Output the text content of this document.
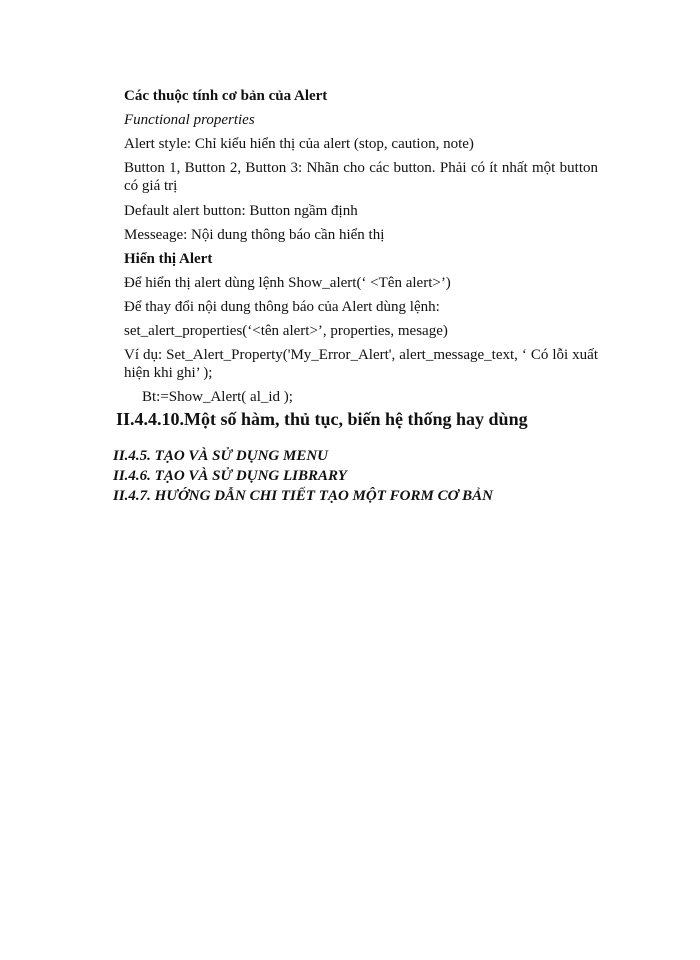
Các thuộc tính cơ bản của Alert
Functional properties
Alert style: Chỉ kiểu hiển thị của alert (stop, caution, note)
Button 1, Button 2, Button 3: Nhãn cho các button. Phải có ít nhất một button có giá trị
Default alert button: Button ngầm định
Messeage: Nội dung thông báo cần hiển thị
Hiển thị Alert
Để hiển thị alert dùng lệnh Show_alert(‘ <Tên alert>’)
Để thay đổi nội dung thông báo của Alert dùng lệnh:
set_alert_properties(‘<tên alert>’, properties, mesage)
Ví dụ: Set_Alert_Property('My_Error_Alert', alert_message_text, ‘ Có lỗi xuất hiện khi ghi’ );
Bt:=Show_Alert( al_id );
II.4.4.10.Một số hàm, thủ tục, biến hệ thống hay dùng
II.4.5. TẠO VÀ SỬ DỤNG MENU
II.4.6. TẠO VÀ SỬ DỤNG LIBRARY
II.4.7. HƯỚNG DẪN CHI TIẾT TẠO MỘT FORM CƠ BẢN
